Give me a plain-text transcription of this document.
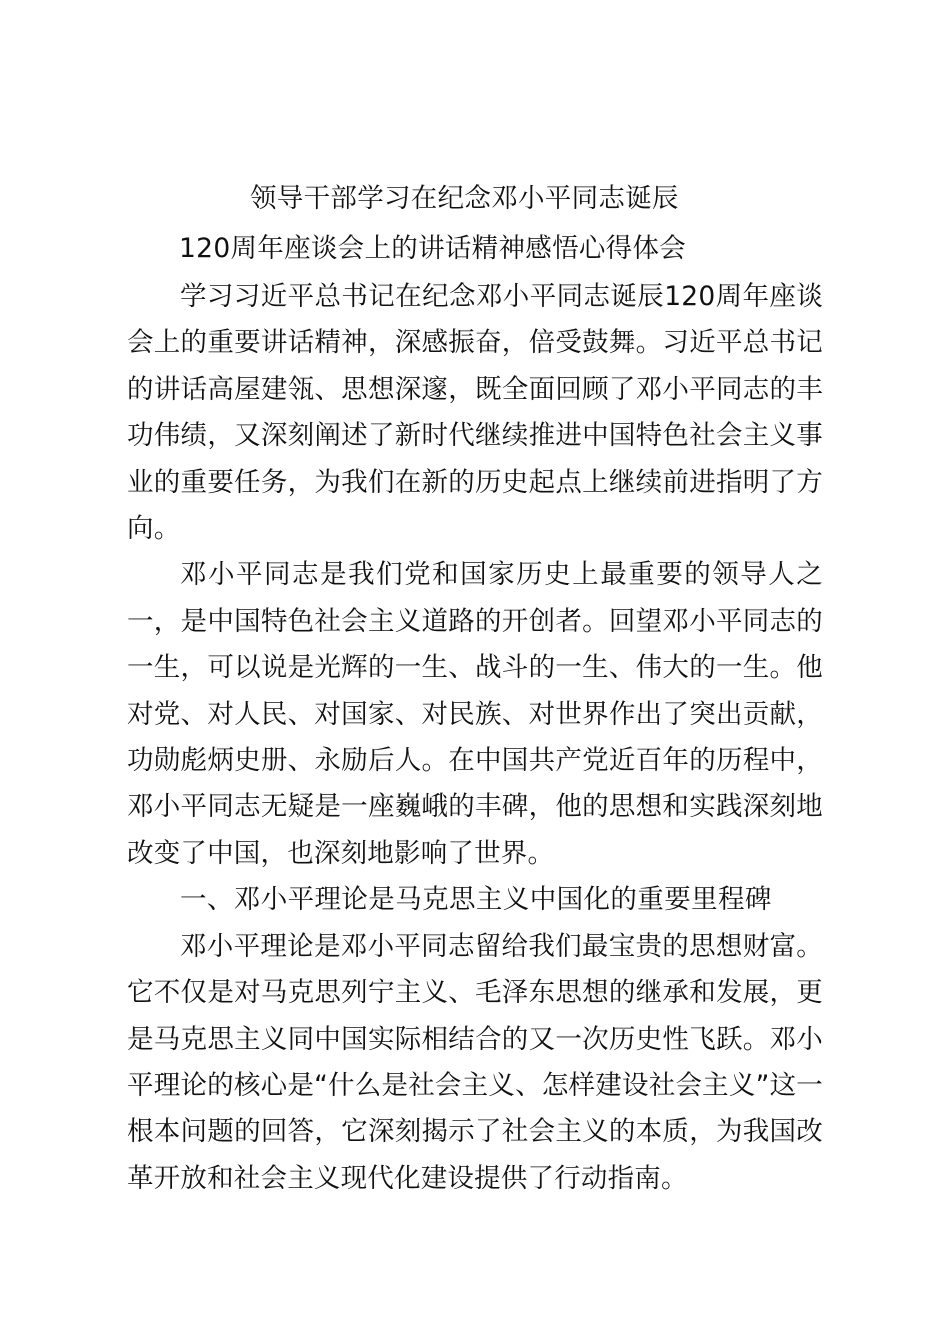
领导干部学习在纪念邓小平同志诞辰
120周年座谈会上的讲话精神感悟心得体会

学习习近平总书记在纪念邓小平同志诞辰120周年座谈会上的重要讲话精神，深感振奋，倍受鼓舞。习近平总书记的讲话高屋建瓴、思想深邃，既全面回顾了邓小平同志的丰功伟绩，又深刻阐述了新时代继续推进中国特色社会主义事业的重要任务，为我们在新的历史起点上继续前进指明了方向。

邓小平同志是我们党和国家历史上最重要的领导人之一，是中国特色社会主义道路的开创者。回望邓小平同志的一生，可以说是光辉的一生、战斗的一生、伟大的一生。他对党、对人民、对国家、对民族、对世界作出了突出贡献，功勋彪炳史册、永励后人。在中国共产党近百年的历程中，邓小平同志无疑是一座巍峨的丰碑，他的思想和实践深刻地改变了中国，也深刻地影响了世界。

一、邓小平理论是马克思主义中国化的重要里程碑

邓小平理论是邓小平同志留给我们最宝贵的思想财富。它不仅是对马克思列宁主义、毛泽东思想的继承和发展，更是马克思主义同中国实际相结合的又一次历史性飞跃。邓小平理论的核心是“什么是社会主义、怎样建设社会主义”这一根本问题的回答，它深刻揭示了社会主义的本质，为我国改革开放和社会主义现代化建设提供了行动指南。
